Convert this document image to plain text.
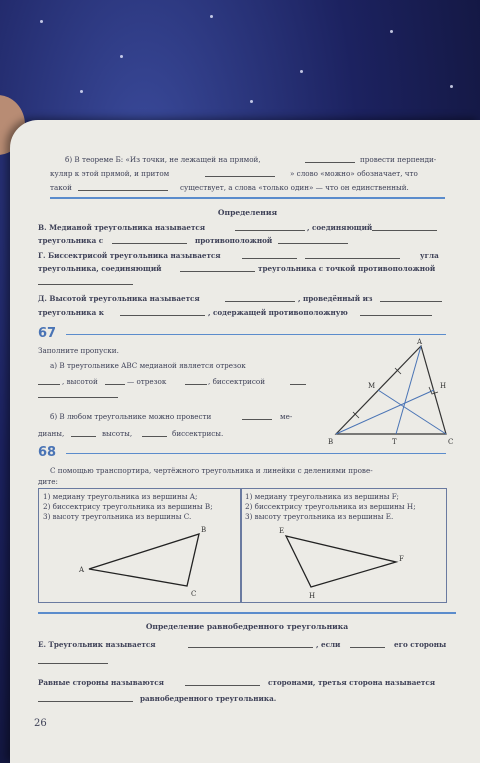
б) В теореме Б: «Из точки, не лежащей на прямой,	провести перпенди-
куляр к этой прямой, и притом	» слово «можно» обозначает, что
такой	существует, а слова «только один» — что он единственный.
Определения
В. Медианой треугольника называется	, соединяющий
треугольника с	противоположной
Г. Биссектрисой треугольника называется	угла
треугольника, соединяющий	треугольника с точкой противоположной
Д. Высотой треугольника называется	, проведённый из
треугольника к	, содержащей противоположную
67
Заполните пропуски.
а) В треугольнике ABC медианой является отрезок
, высотой	— отрезок	, биссектрисой
б) В любом треугольнике можно провести	ме-
дианы,	высоты,	биссектрисы.
A
B	C
M	H
T
68
С помощью транспортира, чертёжного треугольника и линейки с делениями прове-
дите:
1) медиану треугольника из вершины A;
2) биссектрису треугольника из вершины B;
3) высоту треугольника из вершины C.
A
B
C
1) медиану треугольника из вершины F;
2) биссектрису треугольника из вершины H;
3) высоту треугольника из вершины E.
E
F
H
Определение равнобедренного треугольника
Е. Треугольник называется	, если	его стороны
Равные стороны называются	сторонами, третья сторона называется
равнобедренного треугольника.
26
